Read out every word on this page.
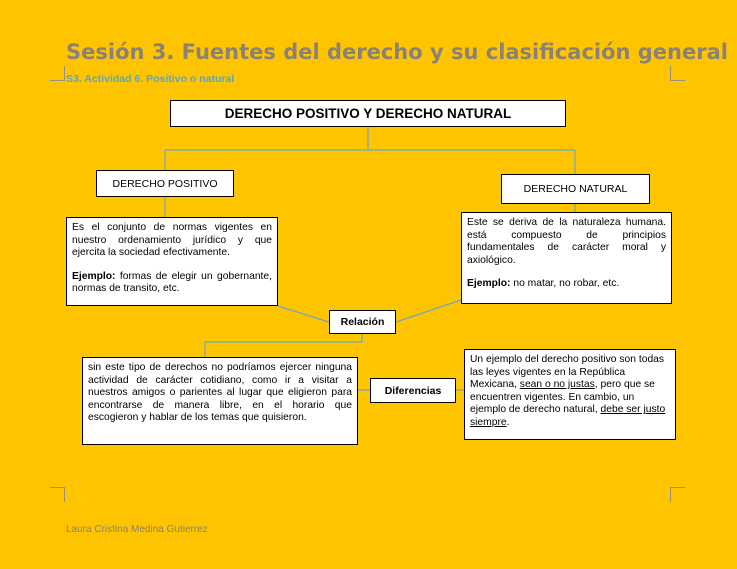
Sesión 3. Fuentes del derecho y su clasificación general
S3. Actividad 6. Positivo o natural
DERECHO POSITIVO Y DERECHO NATURAL
DERECHO POSITIVO	DERECHO NATURAL

Es el conjunto de normas vigentes en nuestro ordenamiento jurídico y que ejercita la sociedad efectivamente.

Ejemplo: formas de elegir un gobernante, normas de transito, etc.

Este se deriva de la naturaleza humana. está compuesto de principios fundamentales de carácter moral y axiológico.

Ejemplo: no matar, no robar, etc.

Relación

sin este tipo de derechos no podríamos ejercer ninguna actividad de carácter cotidiano, como ir a visitar a nuestros amigos o parientes al lugar que eligieron para encontrarse de manera libre, en el horario que escogieron y hablar de los temas que quisieron.

Diferencias

Un ejemplo del derecho positivo son todas las leyes vigentes en la República Mexicana, sean o no justas, pero que se encuentren vigentes. En cambio, un ejemplo de derecho natural, debe ser justo siempre.

Laura Cristina Medina Gutierrez
